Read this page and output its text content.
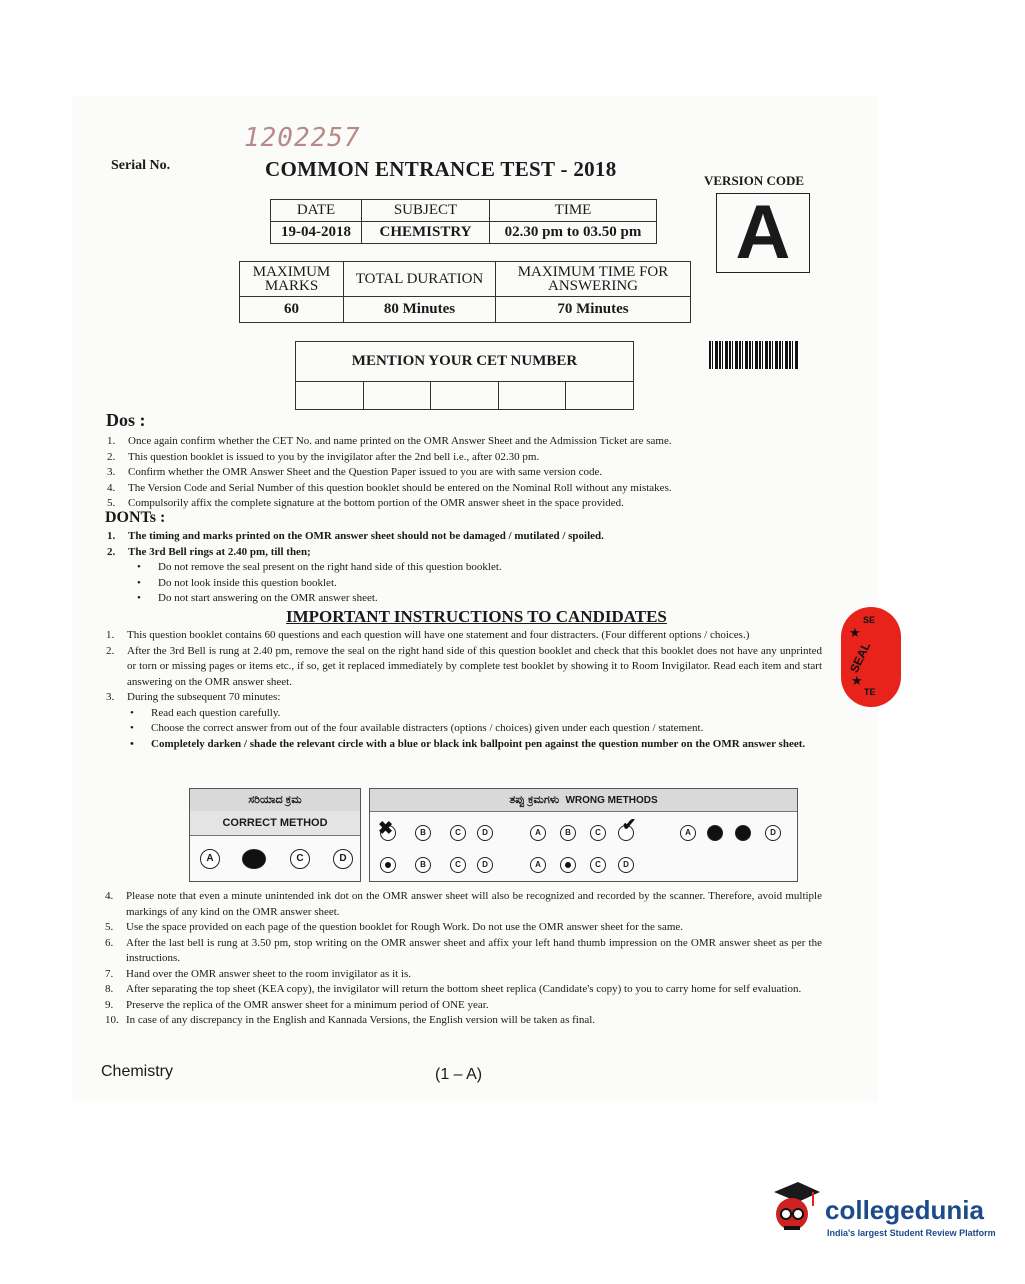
Serial No.
1202257
COMMON ENTRANCE TEST - 2018	VERSION CODE
A
DATE	SUBJECT	TIME
19-04-2018	CHEMISTRY	02.30 pm to 03.50 pm
MAXIMUM MARKS	TOTAL DURATION	MAXIMUM TIME FOR ANSWERING
60	80 Minutes	70 Minutes
MENTION YOUR CET NUMBER
Dos :
1. Once again confirm whether the CET No. and name printed on the OMR Answer Sheet and the Admission Ticket are same.
2. This question booklet is issued to you by the invigilator after the 2nd bell i.e., after 02.30 pm.
3. Confirm whether the OMR Answer Sheet and the Question Paper issued to you are with same version code.
4. The Version Code and Serial Number of this question booklet should be entered on the Nominal Roll without any mistakes.
5. Compulsorily affix the complete signature at the bottom portion of the OMR answer sheet in the space provided.
DONTs :
1. The timing and marks printed on the OMR answer sheet should not be damaged / mutilated / spoiled.
2. The 3rd Bell rings at 2.40 pm, till then;
• Do not remove the seal present on the right hand side of this question booklet.
• Do not look inside this question booklet.
• Do not start answering on the OMR answer sheet.
IMPORTANT INSTRUCTIONS TO CANDIDATES
1. This question booklet contains 60 questions and each question will have one statement and four distracters. (Four different options / choices.)
2. After the 3rd Bell is rung at 2.40 pm, remove the seal on the right hand side of this question booklet and check that this booklet does not have any unprinted or torn or missing pages or items etc., if so, get it replaced immediately by complete test booklet by showing it to Room Invigilator. Read each item and start answering on the OMR answer sheet.
3. During the subsequent 70 minutes:
• Read each question carefully.
• Choose the correct answer from out of the four available distracters (options / choices) given under each question / statement.
• Completely darken / shade the relevant circle with a blue or black ink ballpoint pen against the question number on the OMR answer sheet.
SE
★
SEAL
★
TE
ಸರಿಯಾದ ಕ್ರಮ
CORRECT METHOD
A	C	D
ತಪ್ಪು ಕ್ರಮಗಳು WRONG METHODS
✖
B	C	D	A	B	C ✔	A	D
B	C	D	A	C	D
4. Please note that even a minute unintended ink dot on the OMR answer sheet will also be recognized and recorded by the scanner. Therefore, avoid multiple markings of any kind on the OMR answer sheet.
5. Use the space provided on each page of the question booklet for Rough Work. Do not use the OMR answer sheet for the same.
6. After the last bell is rung at 3.50 pm, stop writing on the OMR answer sheet and affix your left hand thumb impression on the OMR answer sheet as per the instructions.
7. Hand over the OMR answer sheet to the room invigilator as it is.
8. After separating the top sheet (KEA copy), the invigilator will return the bottom sheet replica (Candidate's copy) to you to carry home for self evaluation.
9. Preserve the replica of the OMR answer sheet for a minimum period of ONE year.
10. In case of any discrepancy in the English and Kannada Versions, the English version will be taken as final.
Chemistry	(1 – A)
collegedunia
India's largest Student Review Platform
